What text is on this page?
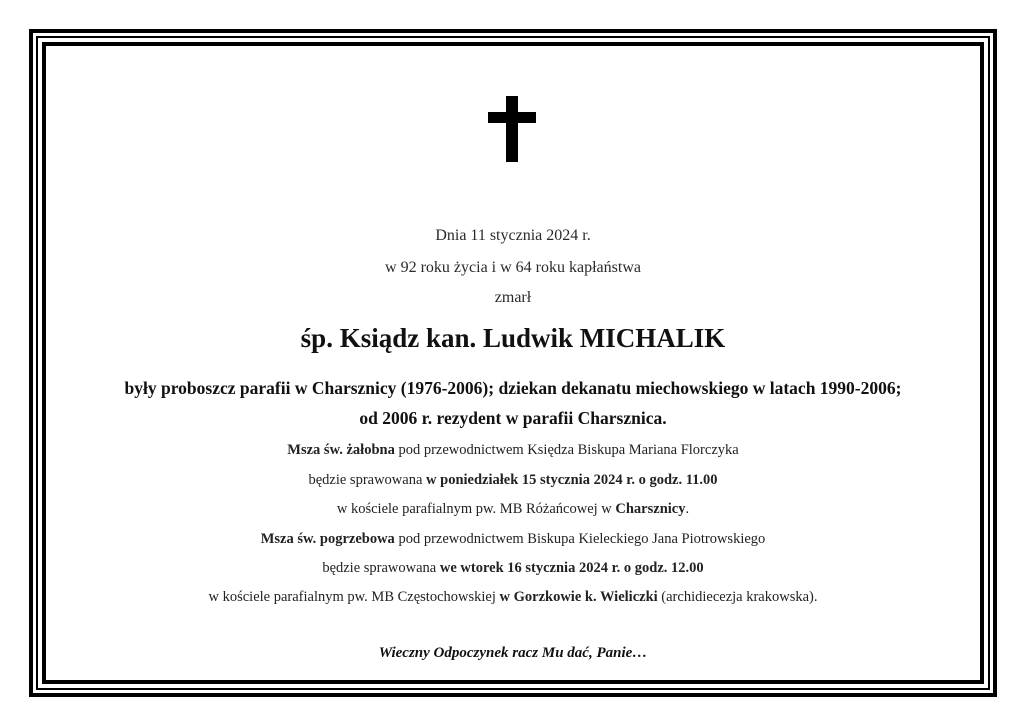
Dnia 11 stycznia 2024 r.
w 92 roku życia i w 64 roku kapłaństwa
zmarł
śp. Ksiądz kan. Ludwik MICHALIK
były proboszcz parafii w Charsznicy (1976-2006); dziekan dekanatu miechowskiego w latach 1990-2006;
od 2006 r. rezydent w parafii Charsznica.
Msza św. żałobna pod przewodnictwem Księdza Biskupa Mariana Florczyka
będzie sprawowana w poniedziałek 15 stycznia 2024 r. o godz. 11.00
w kościele parafialnym pw. MB Różańcowej w Charsznicy.
Msza św. pogrzebowa pod przewodnictwem Biskupa Kieleckiego Jana Piotrowskiego
będzie sprawowana we wtorek 16 stycznia 2024 r. o godz. 12.00
w kościele parafialnym pw. MB Częstochowskiej w Gorzkowie k. Wieliczki (archidiecezja krakowska).
Wieczny Odpoczynek racz Mu dać, Panie…
